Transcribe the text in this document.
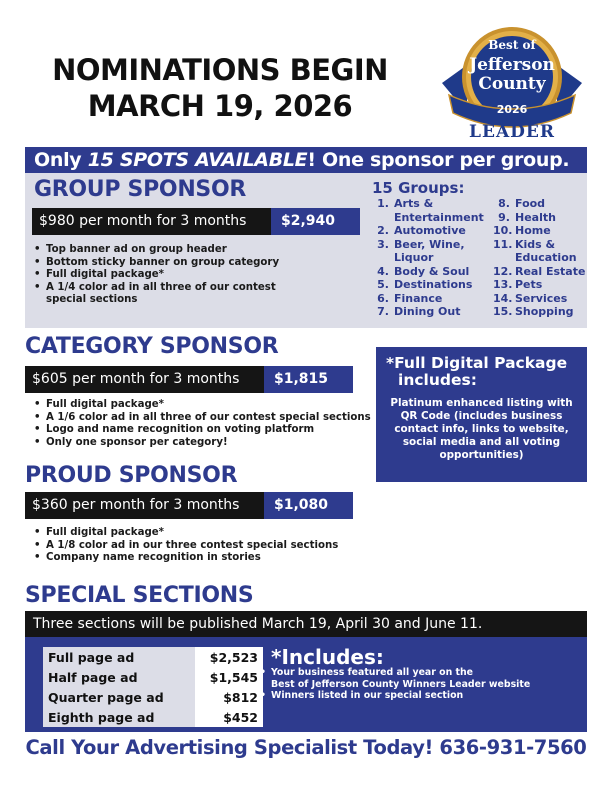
NOMINATIONS BEGIN
MARCH 19, 2026
Best of
Jefferson
County
2026
LEADER
Only 15 SPOTS AVAILABLE! One sponsor per group.
GROUP SPONSOR
$980 per month for 3 months	$2,940
• Top banner ad on group header
• Bottom sticky banner on group category
• Full digital package*
• A 1/4 color ad in all three of our contest
special sections
15 Groups:
1. Arts &
Entertainment
2. Automotive
3. Beer, Wine,
Liquor
4. Body & Soul
5. Destinations
6. Finance
7. Dining Out
8. Food
9. Health
10. Home
11. Kids &
Education
12. Real Estate
13. Pets
14. Services
15. Shopping
CATEGORY SPONSOR
$605 per month for 3 months	$1,815
• Full digital package*
• A 1/6 color ad in all three of our contest special sections
• Logo and name recognition on voting platform
• Only one sponsor per category!
*Full Digital Package
includes:
Platinum enhanced listing with QR Code (includes business contact info, links to website, social media and all voting opportunities)
PROUD SPONSOR
$360 per month for 3 months	$1,080
• Full digital package*
• A 1/8 color ad in our three contest special sections
• Company name recognition in stories
SPECIAL SECTIONS
Three sections will be published March 19, April 30 and June 11.
Full page ad	$2,523
Half page ad	$1,545
Quarter page ad	$812
Eighth page ad	$452
*Includes:
• Your business featured all year on the
Best of Jefferson County Winners Leader website
• Winners listed in our special section
Call Your Advertising Specialist Today! 636-931-7560
